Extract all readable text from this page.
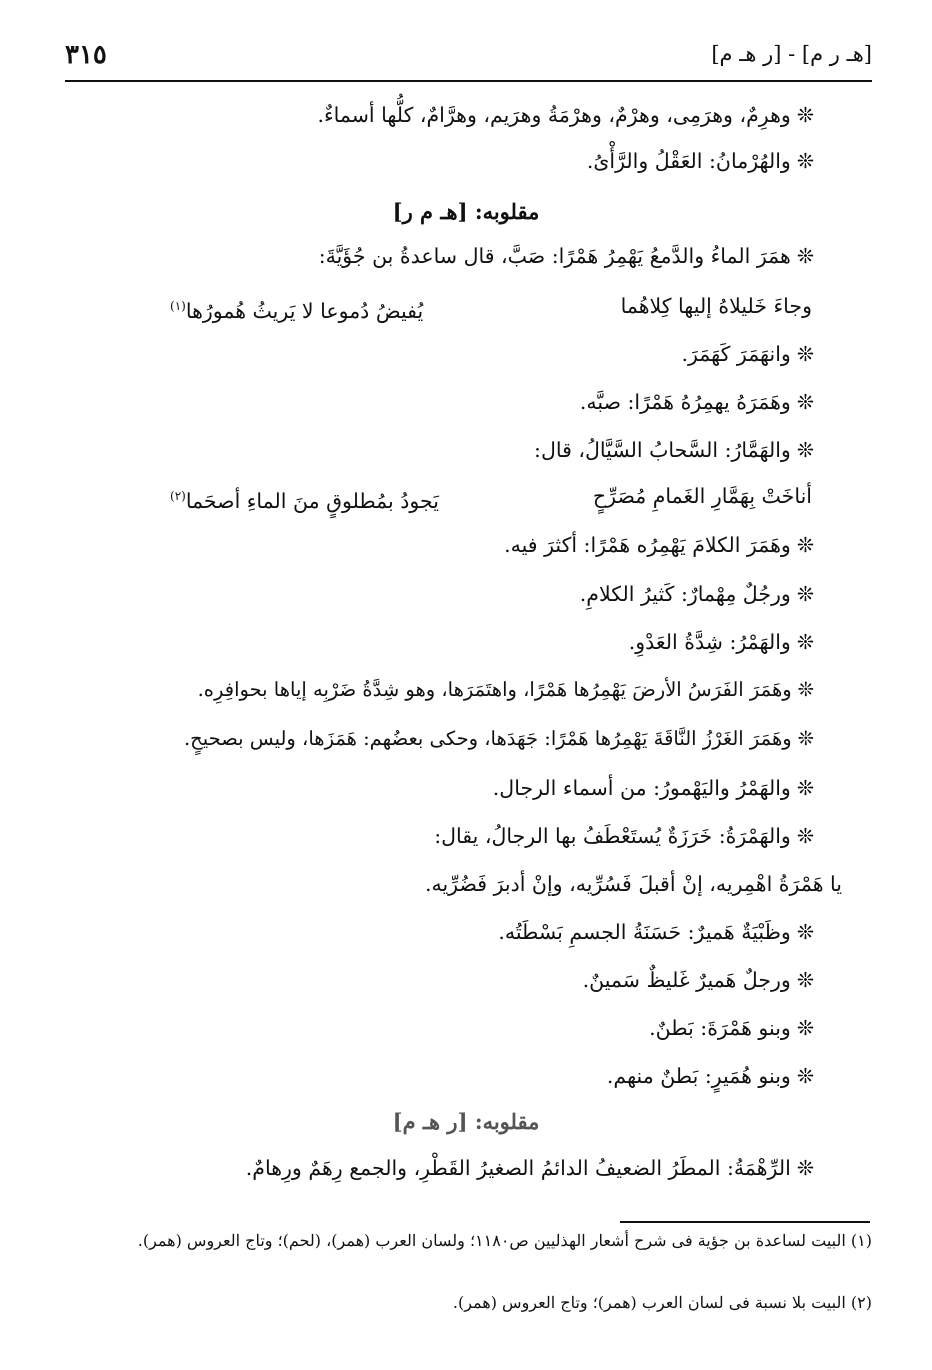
[هـ ر م] - [ر هـ م]
٣١٥
❊وهرِمٌ، وهرَمِى، وهرْمٌ، وهرْمَةُ وهرَيم، وهرَّامٌ، كلُّها أسماءٌ.
❊والهُرْمانُ: العَقْلُ والرَّأْىُ.
مقلوبه: [هـ م ر]
❊همَرَ الماءُ والدَّمعُ يَهْمِرُ هَمْرًا: صَبَّ، قال ساعدةُ بن جُؤَيَّةَ:
وجاءَ خَليلاهُ إليها كِلاهُما
يُفيضُ دُموعا لا يَريثُ هُمورُها$^{(١)}$
❊وانهَمَرَ كَهَمَرَ.
❊وهَمَرَهُ يهمِرُهُ هَمْرًا: صبَّه.
❊والهَمَّارُ: السَّحابُ السَّيَّالُ، قال:
أناخَتْ بِهَمَّارِ الغَمامِ مُصَرِّحٍ
يَجودُ بمُطلوقٍ منَ الماءِ أصحَما$^{(٢)}$
❊وهَمَرَ الكلامَ يَهْمِرُه هَمْرًا: أكثرَ فيه.
❊ورجُلٌ مِهْمارٌ: كَثيرُ الكلامِ.
❊والهَمْرُ: شِدَّةُ العَدْوِ.
❊وهَمَرَ الفَرَسُ الأرضَ يَهْمِرُها هَمْرًا، واهتَمَرَها، وهو شِدَّةُ ضَرْبِه إياها بحوافِرِه.
❊وهَمَرَ الغَرْزُ النَّاقَةَ يَهْمِرُها هَمْرًا: جَهَدَها، وحكى بعضُهم: هَمَزَها، وليس بصحيحٍ.
❊والهَمْرُ واليَهْمورُ: من أسماء الرجال.
❊والهَمْرَةُ: خَرَزَةٌ يُستَعْطَفُ بها الرجالُ، يقال:
يا هَمْرَةُ اهْمِريه، إنْ أقبلَ فَسُرِّيه، وإنْ أدبرَ فَضُرِّيه.
❊وظَبْيَةٌ هَميرٌ: حَسَنَةُ الجسمِ بَسْطَتُه.
❊ورجلٌ هَميرٌ غَليظٌ سَمينٌ.
❊وبنو هَمْرَةَ: بَطنٌ.
❊وبنو هُمَيرٍ: بَطنٌ منهم.
مقلوبه: [ر هـ م]
❊الرِّهْمَةُ: المطَرُ الضعيفُ الدائمُ الصغيرُ القَطْرِ، والجمع رِهَمٌ ورِهامٌ.
(١) البيت لساعدة بن جؤية فى شرح أشعار الهذليين ص١١٨٠؛ ولسان العرب (همر)، (لحم)؛ وتاج العروس (همر).
(٢) البيت بلا نسبة فى لسان العرب (همر)؛ وتاج العروس (همر).
